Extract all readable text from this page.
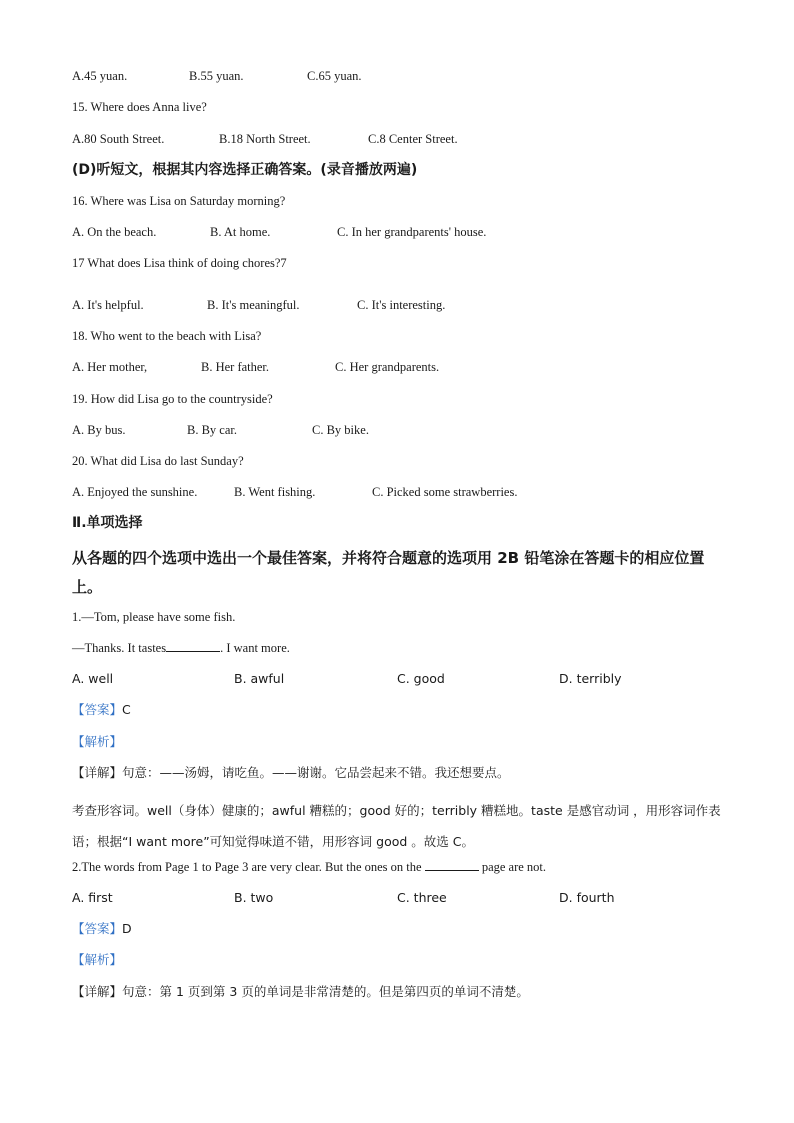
A.45 yuan.	B.55 yuan.	C.65 yuan.
15. Where does Anna live?
A.80 South Street.	B.18 North Street.	C.8 Center Street.
(D)听短文，根据其内容选择正确答案。(录音播放两遍)
16. Where was Lisa on Saturday morning?
A. On the beach.	B. At home.	C. In her grandparents' house.
17 What does Lisa think of doing chores?7
A. It's helpful.	B. It's meaningful.	C. It's interesting.
18. Who went to the beach with Lisa?
A. Her mother,	B. Her father.	C. Her grandparents.
19. How did Lisa go to the countryside?
A. By bus.	B. By car.	C. By bike.
20. What did Lisa do last Sunday?
A. Enjoyed the sunshine.	B. Went fishing.	C. Picked some strawberries.
Ⅱ.单项选择
从各题的四个选项中选出一个最佳答案，并将符合题意的选项用 2B 铅笔涂在答题卡的相应位置上。
1.—Tom, please have some fish.
—Thanks. It tastes	. I want more.
A. well	B. awful	C. good	D. terribly
【答案】C
【解析】
【详解】句意：——汤姆，请吃鱼。——谢谢。它品尝起来不错。我还想要点。
考查形容词。well（身体）健康的；awful 糟糕的；good 好的；terribly 糟糕地。taste 是感官动词 ，用形容词作表语；根据“I want more”可知觉得味道不错，用形容词 good 。故选 C。
2.The words from Page 1 to Page 3 are very clear. But the ones on the	page are not.
A. first	B. two	C. three	D. fourth
【答案】D
【解析】
【详解】句意：第 1 页到第 3 页的单词是非常清楚的。但是第四页的单词不清楚。
